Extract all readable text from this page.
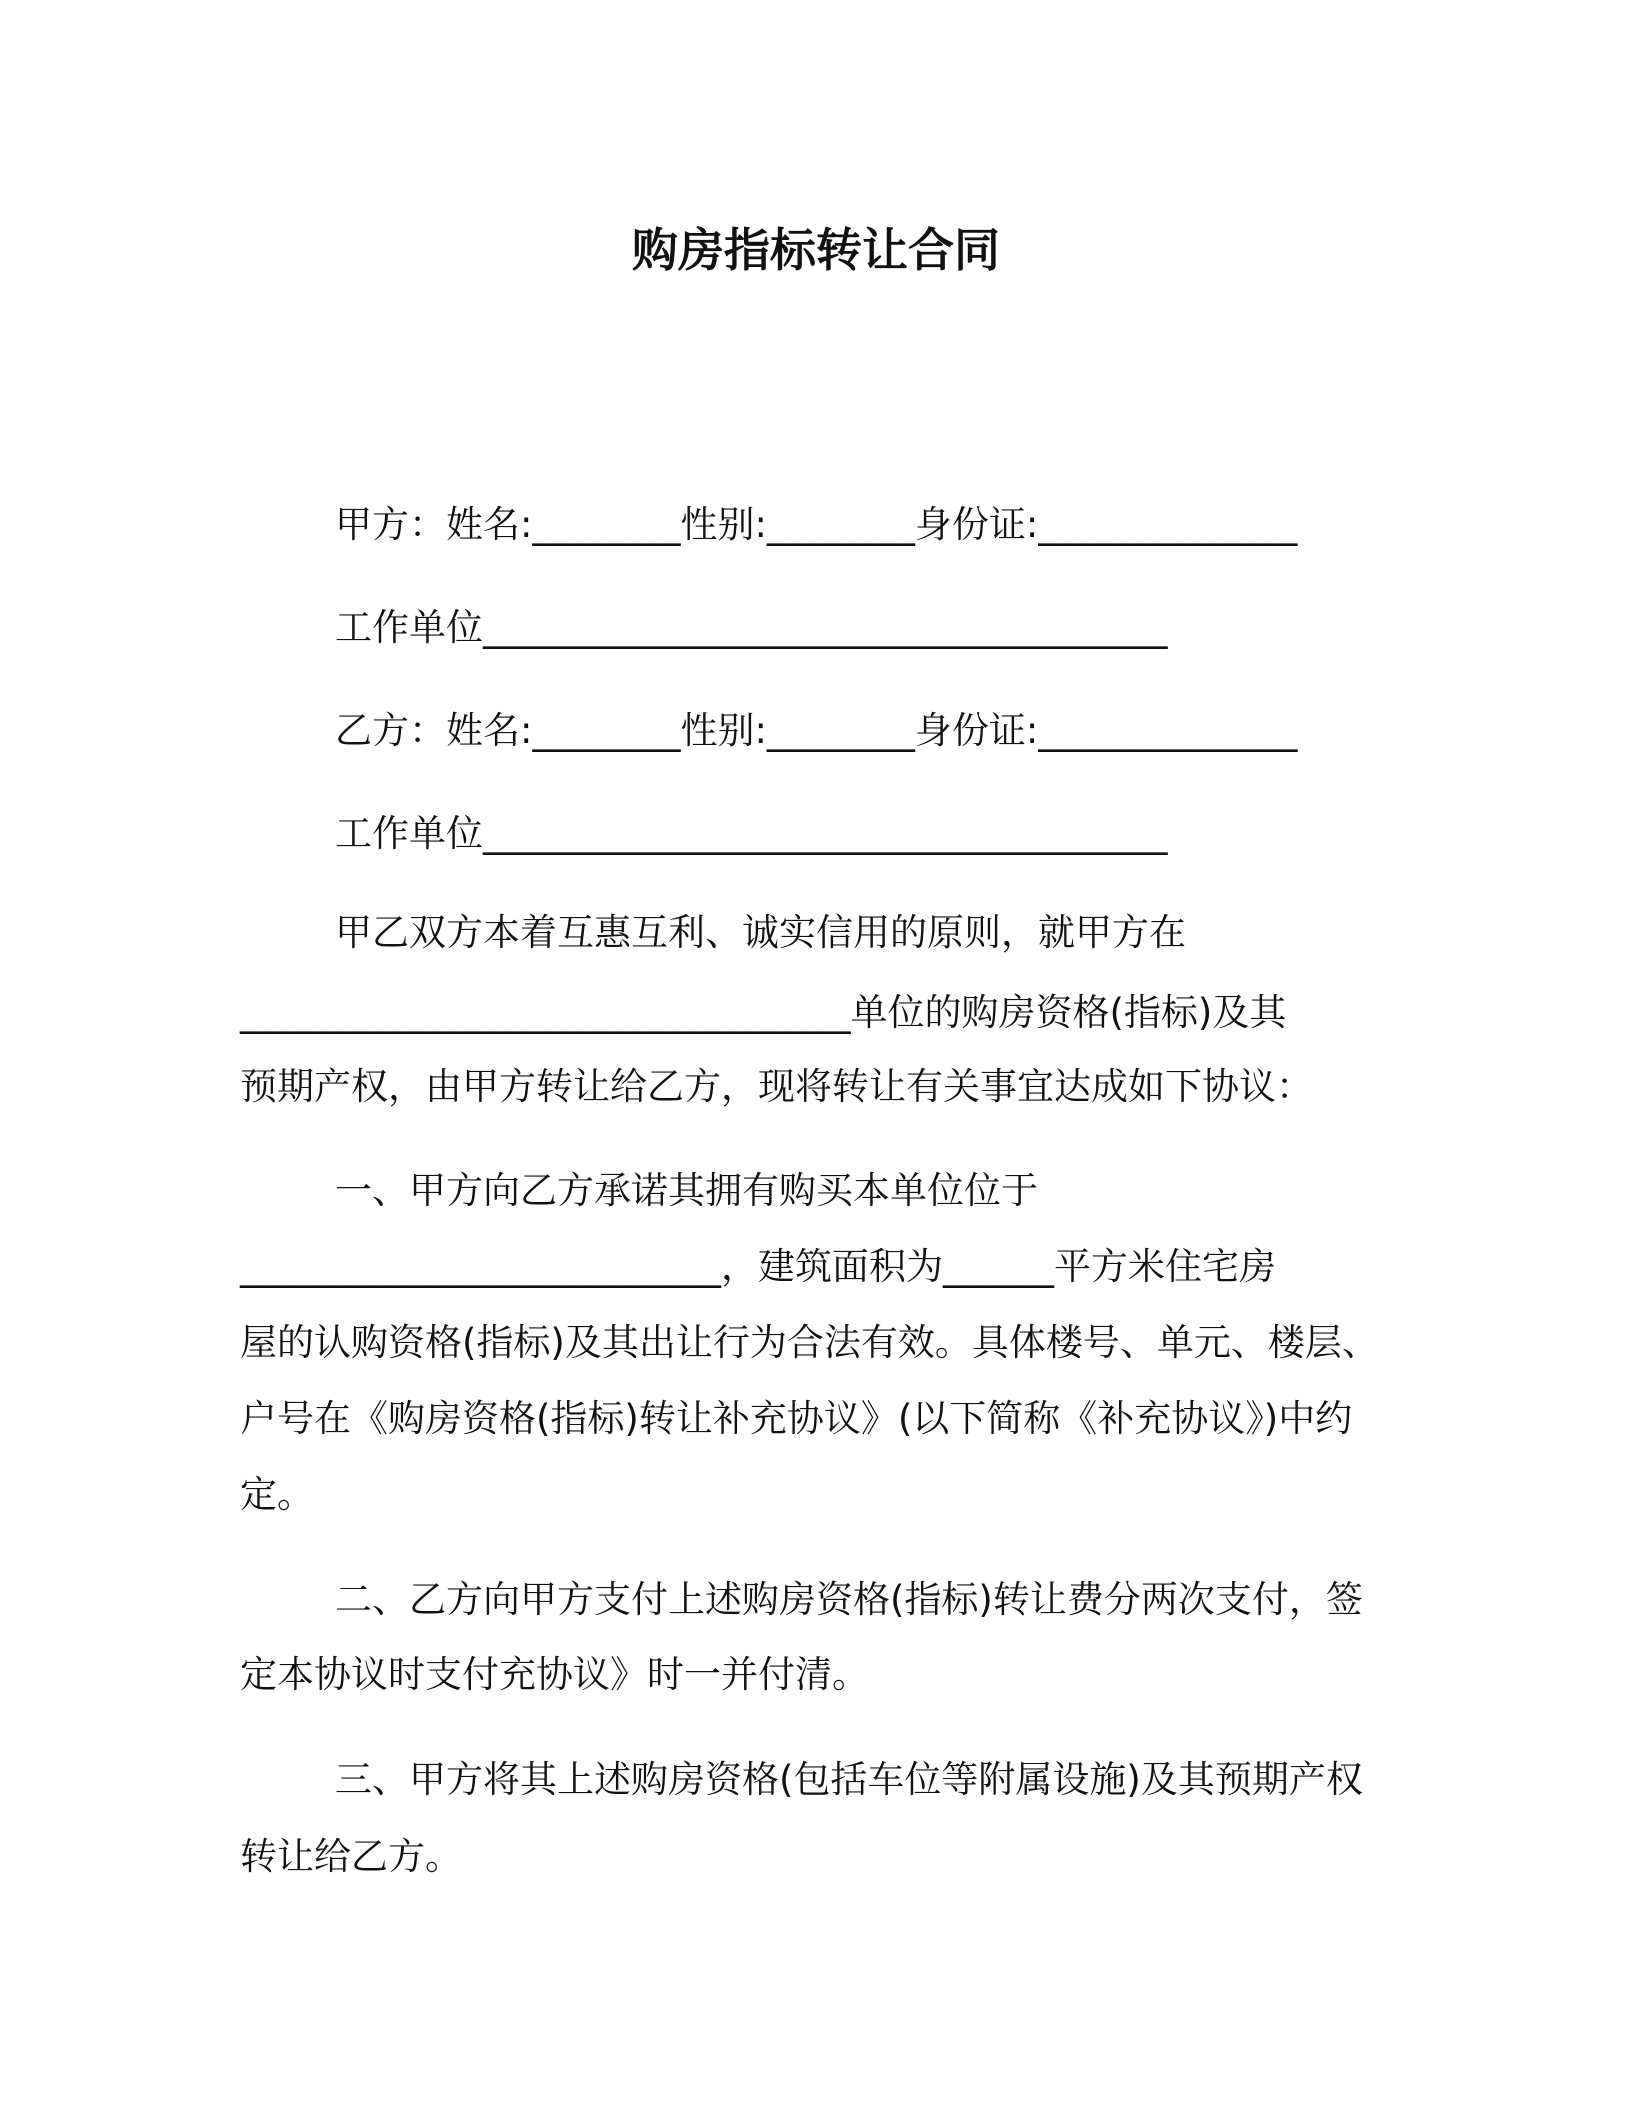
购房指标转让合同
甲方：姓名:________性别:________身份证:______________
工作单位_____________________________________
乙方：姓名:________性别:________身份证:______________
工作单位_____________________________________
甲乙双方本着互惠互利、诚实信用的原则，就甲方在
_________________________________单位的购房资格(指标)及其
预期产权，由甲方转让给乙方，现将转让有关事宜达成如下协议：
一、甲方向乙方承诺其拥有购买本单位位于
__________________________，建筑面积为______平方米住宅房
屋的认购资格(指标)及其出让行为合法有效。具体楼号、单元、楼层、
户号在《购房资格(指标)转让补充协议》(以下简称《补充协议》)中约
定。
二、乙方向甲方支付上述购房资格(指标)转让费分两次支付，签
定本协议时支付充协议》时一并付清。
三、甲方将其上述购房资格(包括车位等附属设施)及其预期产权
转让给乙方。
